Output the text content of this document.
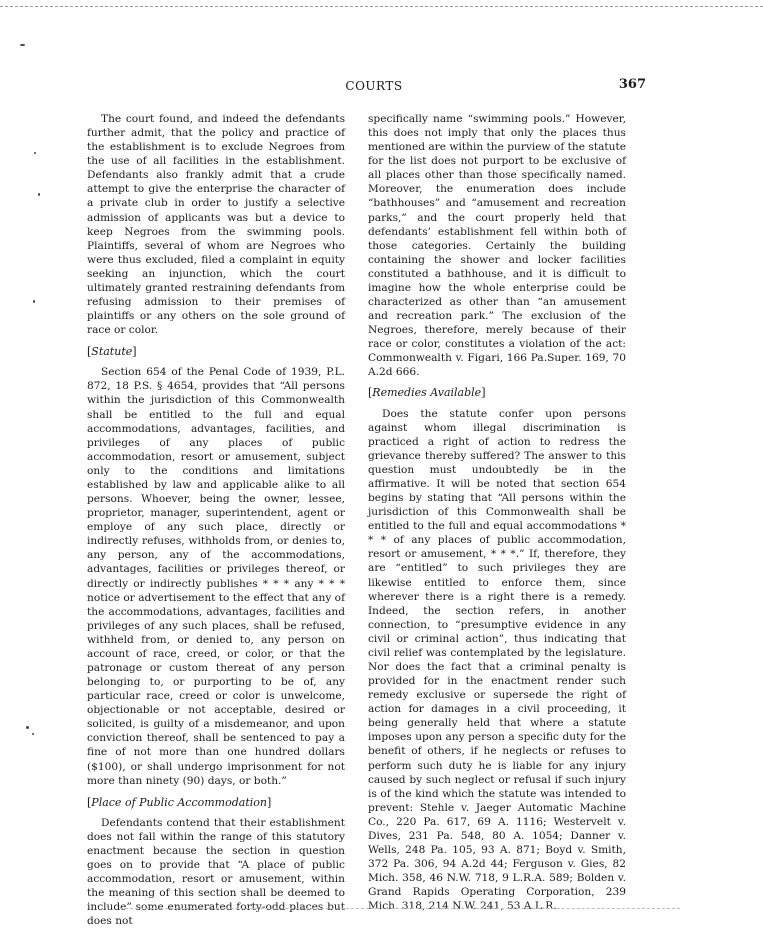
COURTS	367

The court found, and indeed the defendants further admit, that the policy and practice of the establishment is to exclude Negroes from the use of all facilities in the establishment. Defendants also frankly admit that a crude attempt to give the enterprise the character of a private club in order to justify a selective admission of applicants was but a device to keep Negroes from the swimming pools. Plaintiffs, several of whom are Negroes who were thus excluded, filed a complaint in equity seeking an injunction, which the court ultimately granted restraining defendants from refusing admission to their premises of plaintiffs or any others on the sole ground of race or color.

[Statute]

Section 654 of the Penal Code of 1939, P.L. 872, 18 P.S. § 4654, provides that “All persons within the jurisdiction of this Commonwealth shall be entitled to the full and equal accommodations, advantages, facilities, and privileges of any places of public accommodation, resort or amusement, subject only to the conditions and limitations established by law and applicable alike to all persons. Whoever, being the owner, lessee, proprietor, manager, superintendent, agent or employe of any such place, directly or indirectly refuses, withholds from, or denies to, any person, any of the accommodations, advantages, facilities or privileges thereof, or directly or indirectly publishes * * * any * * * notice or advertisement to the effect that any of the accommodations, advantages, facilities and privileges of any such places, shall be refused, withheld from, or denied to, any person on account of race, creed, or color, or that the patronage or custom thereat of any person belonging to, or purporting to be of, any particular race, creed or color is unwelcome, objectionable or not acceptable, desired or solicited, is guilty of a misdemeanor, and upon conviction thereof, shall be sentenced to pay a fine of not more than one hundred dollars ($100), or shall undergo imprisonment for not more than ninety (90) days, or both.”

[Place of Public Accommodation]

Defendants contend that their establishment does not fall within the range of this statutory enactment because the section in question goes on to provide that “A place of public accommodation, resort or amusement, within the meaning of this section shall be deemed to include” some enumerated forty-odd places but does not

specifically name “swimming pools.” However, this does not imply that only the places thus mentioned are within the purview of the statute for the list does not purport to be exclusive of all places other than those specifically named. Moreover, the enumeration does include “bathhouses” and “amusement and recreation parks,” and the court properly held that defendants’ establishment fell within both of those categories. Certainly the building containing the shower and locker facilities constituted a bathhouse, and it is difficult to imagine how the whole enterprise could be characterized as other than “an amusement and recreation park.” The exclusion of the Negroes, therefore, merely because of their race or color, constitutes a violation of the act: Commonwealth v. Figari, 166 Pa.Super. 169, 70 A.2d 666.

[Remedies Available]

Does the statute confer upon persons against whom illegal discrimination is practiced a right of action to redress the grievance thereby suffered? The answer to this question must undoubtedly be in the affirmative. It will be noted that section 654 begins by stating that “All persons within the jurisdiction of this Commonwealth shall be entitled to the full and equal accommodations * * * of any places of public accommodation, resort or amusement, * * *.” If, therefore, they are “entitled” to such privileges they are likewise entitled to enforce them, since wherever there is a right there is a remedy. Indeed, the section refers, in another connection, to “presumptive evidence in any civil or criminal action”, thus indicating that civil relief was contemplated by the legislature. Nor does the fact that a criminal penalty is provided for in the enactment render such remedy exclusive or supersede the right of action for damages in a civil proceeding, it being generally held that where a statute imposes upon any person a specific duty for the benefit of others, if he neglects or refuses to perform such duty he is liable for any injury caused by such neglect or refusal if such injury is of the kind which the statute was intended to prevent: Stehle v. Jaeger Automatic Machine Co., 220 Pa. 617, 69 A. 1116; Westervelt v. Dives, 231 Pa. 548, 80 A. 1054; Danner v. Wells, 248 Pa. 105, 93 A. 871; Boyd v. Smith, 372 Pa. 306, 94 A.2d 44; Ferguson v. Gies, 82 Mich. 358, 46 N.W. 718, 9 L.R.A. 589; Bolden v. Grand Rapids Operating Corporation, 239 Mich. 318, 214 N.W. 241, 53 A.L.R.
